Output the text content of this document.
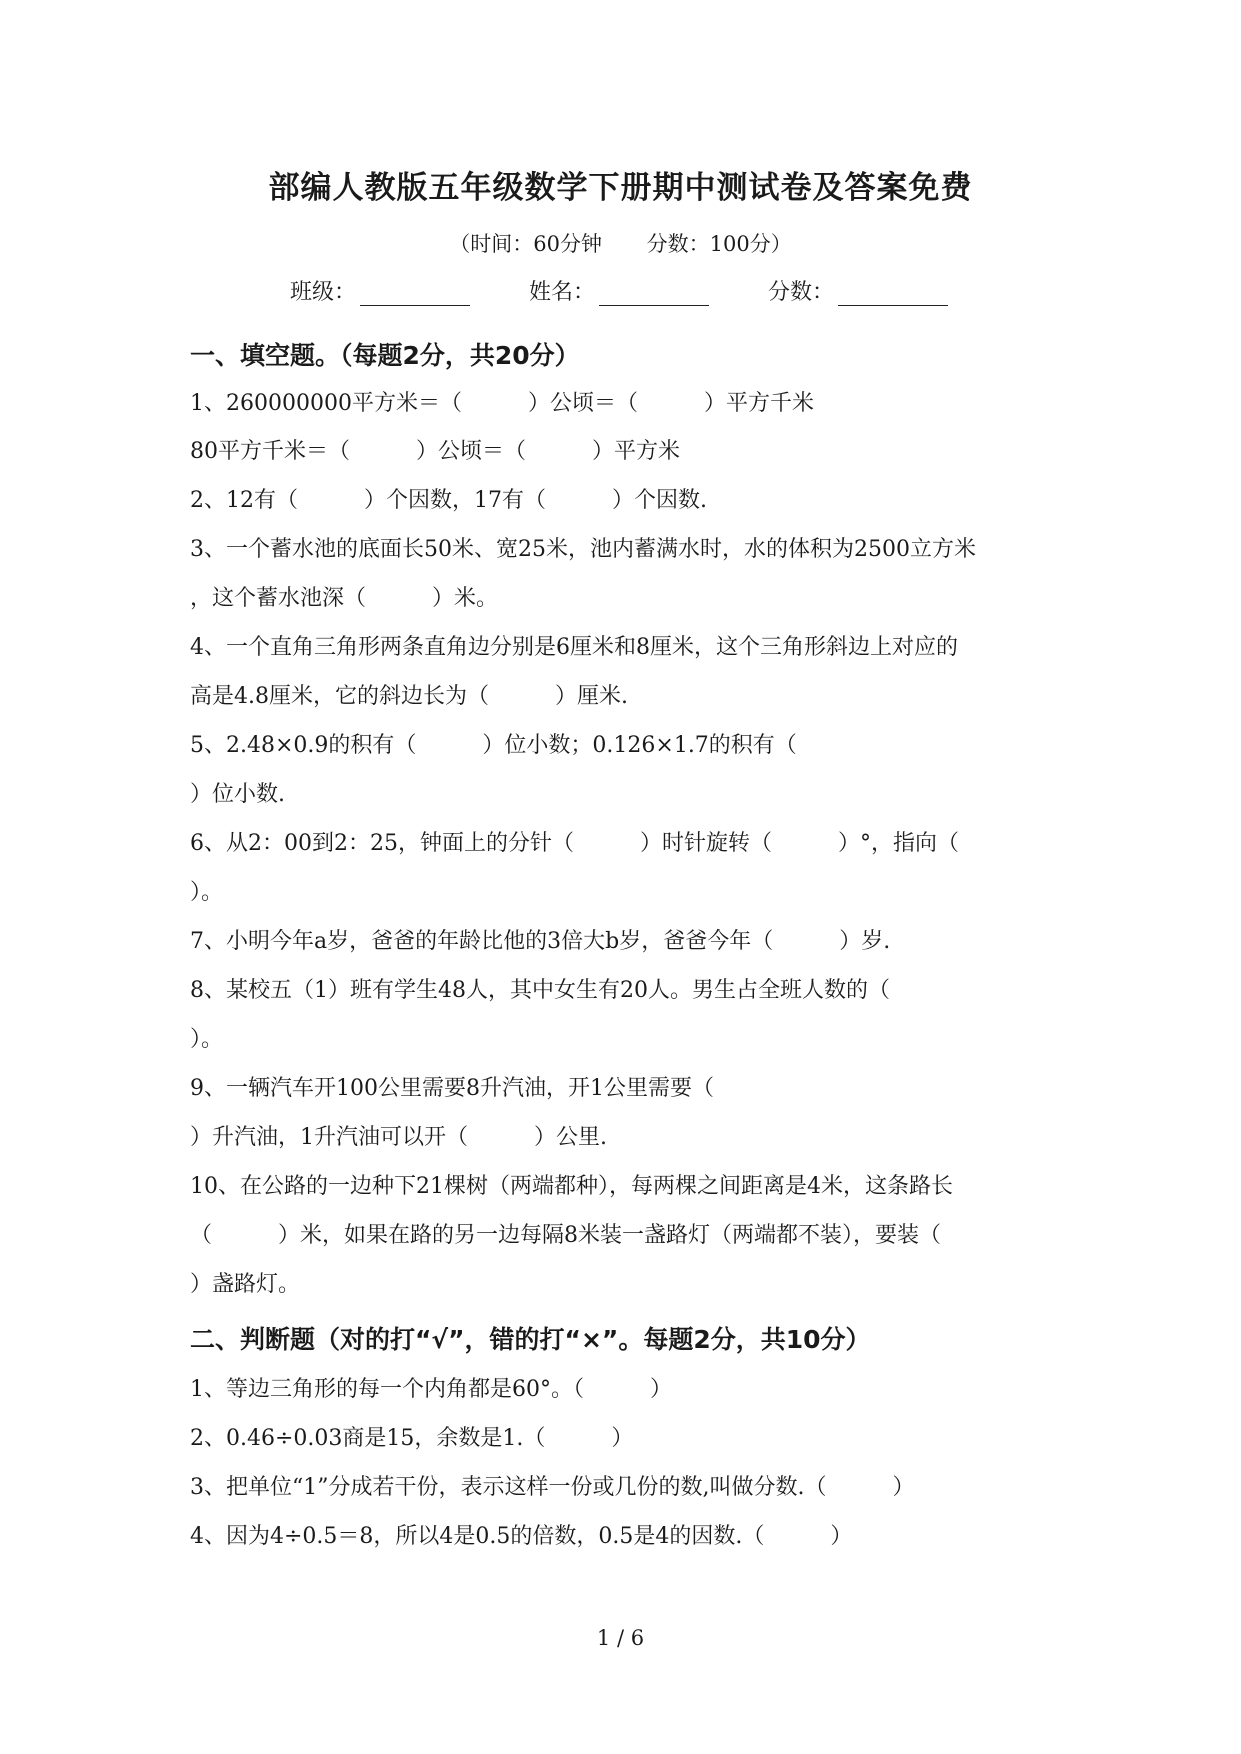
部编人教版五年级数学下册期中测试卷及答案免费
（时间：60分钟 分数：100分）
班级：	姓名：	分数：
一、填空题。（每题2分，共20分）
1、260000000平方米＝（　　　）公顷＝（　　　）平方千米
80平方千米＝（　　　）公顷＝（　　　）平方米
2、12有（　　　）个因数，17有（　　　）个因数.
3、一个蓄水池的底面长50米、宽25米，池内蓄满水时，水的体积为2500立方米
，这个蓄水池深（　　　）米。
4、一个直角三角形两条直角边分别是6厘米和8厘米，这个三角形斜边上对应的
高是4.8厘米，它的斜边长为（　　　）厘米.
5、2.48×0.9的积有（　　　）位小数；0.126×1.7的积有（
）位小数.
6、从2：00到2：25，钟面上的分针（　　　）时针旋转（　　　）°，指向（
）。
7、小明今年a岁，爸爸的年龄比他的3倍大b岁，爸爸今年（　　　）岁.
8、某校五（1）班有学生48人，其中女生有20人。男生占全班人数的（
）。
9、一辆汽车开100公里需要8升汽油，开1公里需要（
）升汽油，1升汽油可以开（　　　）公里.
10、在公路的一边种下21棵树（两端都种），每两棵之间距离是4米，这条路长
（　　　）米，如果在路的另一边每隔8米装一盏路灯（两端都不装），要装（
）盏路灯。
二、判断题（对的打“√”，错的打“×”。每题2分，共10分）
1、等边三角形的每一个内角都是60°。（　　　）
2、0.46÷0.03商是15，余数是1.（　　　）
3、把单位“1”分成若干份，表示这样一份或几份的数,叫做分数.（　　　）
4、因为4÷0.5＝8，所以4是0.5的倍数，0.5是4的因数.（　　　）
1 / 6
